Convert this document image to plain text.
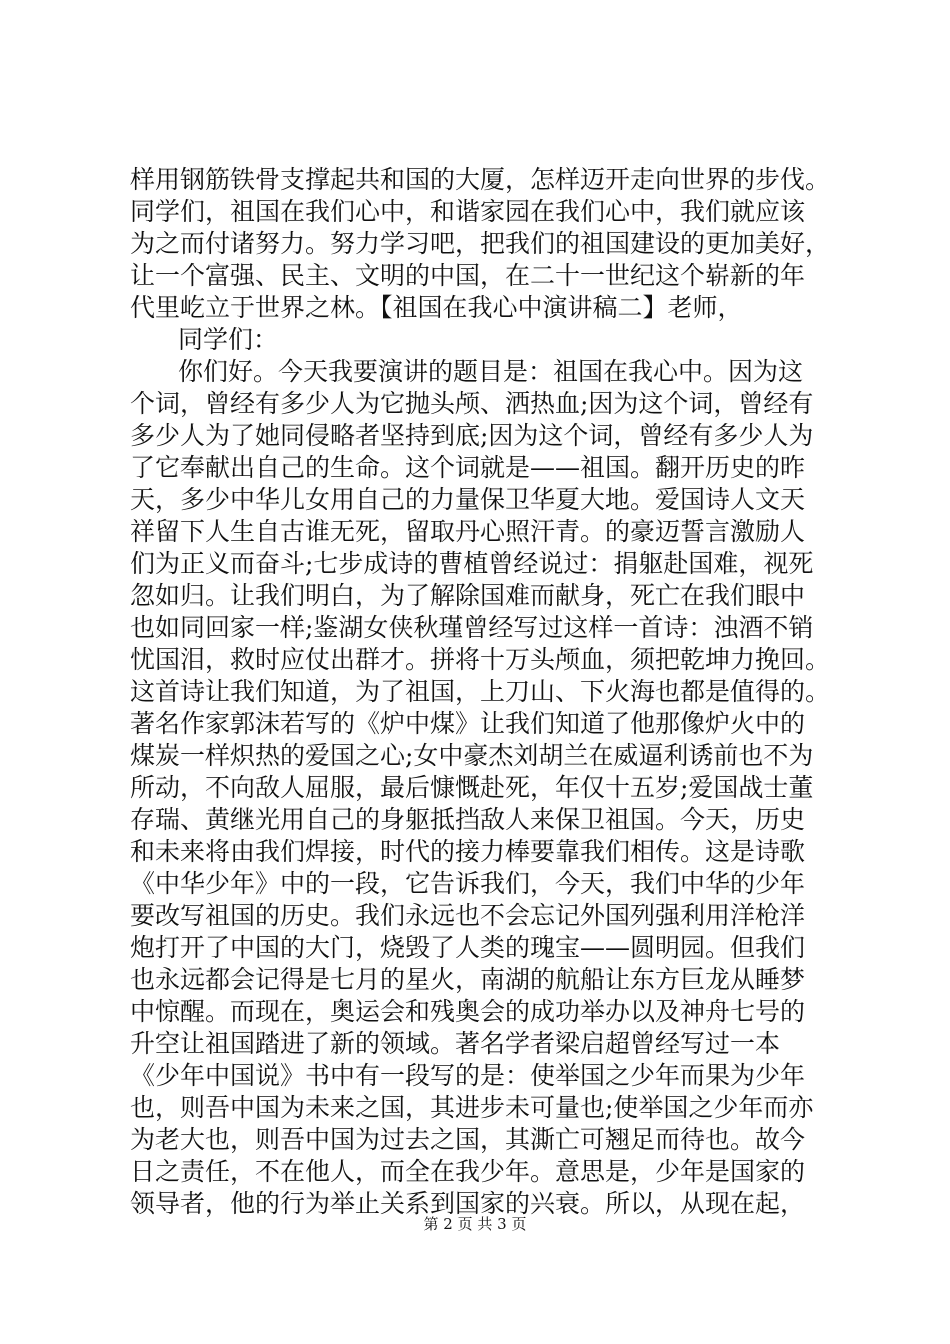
样用钢筋铁骨支撑起共和国的大厦，怎样迈开走向世界的步伐。
同学们，祖国在我们心中，和谐家园在我们心中，我们就应该
为之而付诸努力。努力学习吧，把我们的祖国建设的更加美好，
让一个富强、民主、文明的中国，在二十一世纪这个崭新的年
代里屹立于世界之林。【祖国在我心中演讲稿二】老师，
同学们：
你们好。今天我要演讲的题目是：祖国在我心中。因为这
个词，曾经有多少人为它抛头颅、洒热血;因为这个词，曾经有
多少人为了她同侵略者坚持到底;因为这个词，曾经有多少人为
了它奉献出自己的生命。这个词就是——祖国。翻开历史的昨
天，多少中华儿女用自己的力量保卫华夏大地。爱国诗人文天
祥留下人生自古谁无死，留取丹心照汗青。的豪迈誓言激励人
们为正义而奋斗;七步成诗的曹植曾经说过：捐躯赴国难，视死
忽如归。让我们明白，为了解除国难而献身，死亡在我们眼中
也如同回家一样;鉴湖女侠秋瑾曾经写过这样一首诗：浊酒不销
忧国泪，救时应仗出群才。拼将十万头颅血，须把乾坤力挽回。
这首诗让我们知道，为了祖国，上刀山、下火海也都是值得的。
著名作家郭沫若写的《炉中煤》让我们知道了他那像炉火中的
煤炭一样炽热的爱国之心;女中豪杰刘胡兰在威逼利诱前也不为
所动，不向敌人屈服，最后慷慨赴死，年仅十五岁;爱国战士董
存瑞、黄继光用自己的身躯抵挡敌人来保卫祖国。今天，历史
和未来将由我们焊接，时代的接力棒要靠我们相传。这是诗歌
《中华少年》中的一段，它告诉我们，今天，我们中华的少年
要改写祖国的历史。我们永远也不会忘记外国列强利用洋枪洋
炮打开了中国的大门，烧毁了人类的瑰宝——圆明园。但我们
也永远都会记得是七月的星火，南湖的航船让东方巨龙从睡梦
中惊醒。而现在，奥运会和残奥会的成功举办以及神舟七号的
升空让祖国踏进了新的领域。著名学者梁启超曾经写过一本
《少年中国说》书中有一段写的是：使举国之少年而果为少年
也，则吾中国为未来之国，其进步未可量也;使举国之少年而亦
为老大也，则吾中国为过去之国，其澌亡可翘足而待也。故今
日之责任，不在他人，而全在我少年。意思是，少年是国家的
领导者，他的行为举止关系到国家的兴衰。所以，从现在起，
第 2 页 共 3 页
